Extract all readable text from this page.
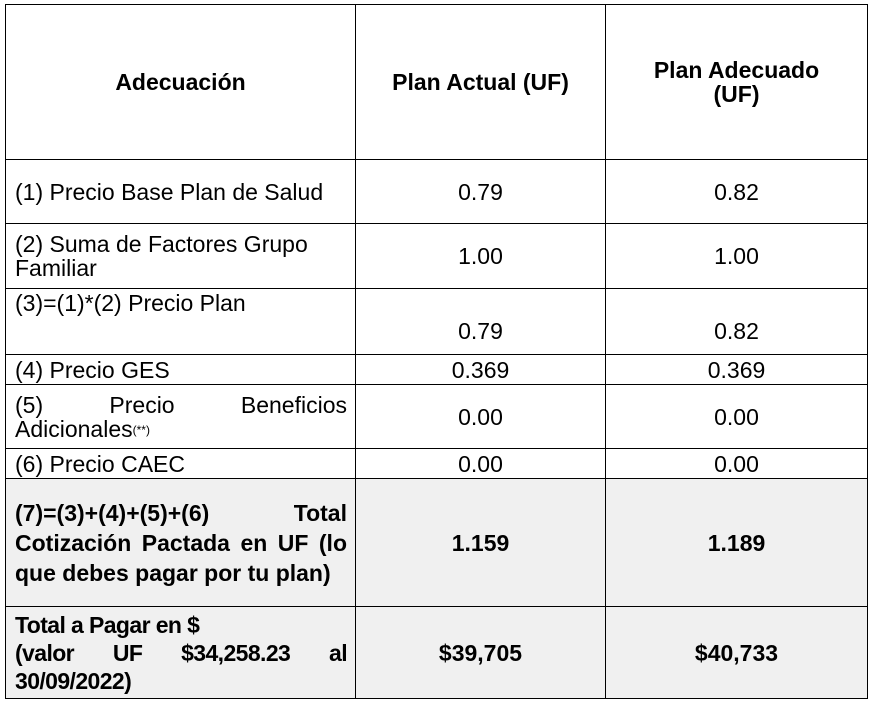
Adecuación	Plan Actual (UF)	Plan Adecuado
(UF)
(1) Precio Base Plan de Salud	0.79	0.82
(2) Suma de Factores Grupo Familiar	1.00	1.00
(3)=(1)*(2) Precio Plan	0.79	0.82
(4) Precio GES	0.369	0.369
(5) Precio Beneficios Adicionales(**)	0.00	0.00
(6) Precio CAEC	0.00	0.00
(7)=(3)+(4)+(5)+(6) Total Cotización Pactada en UF (lo que debes pagar por tu plan)	1.159	1.189

Total a Pagar en $
(valor UF $34,258.23 al 30/09/2022)	$39,705	$40,733
